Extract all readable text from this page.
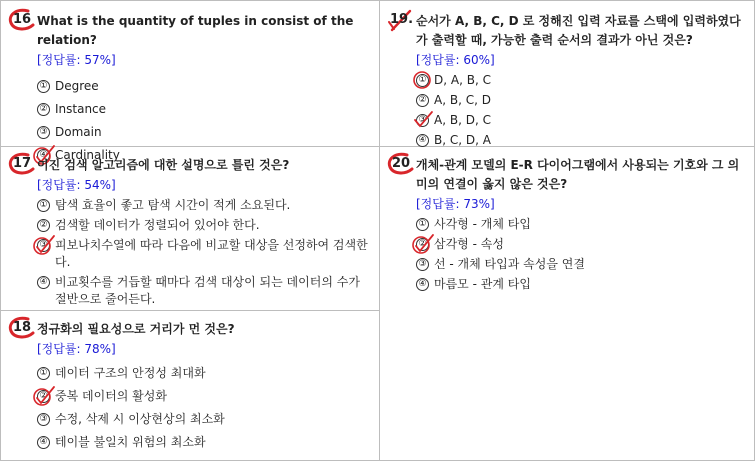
16 What is the quantity of tuples in consist of the relation?
[정답률: 57%]
① Degree
② Instance
③ Domain
④ Cardinality
17 이진 검색 알고리즘에 대한 설명으로 틀린 것은?
[정답률: 54%]
① 탐색 효율이 좋고 탐색 시간이 적게 소요된다.
② 검색할 데이터가 정렬되어 있어야 한다.
③ 피보나치수열에 따라 다음에 비교할 대상을 선정하여 검색한다.
④ 비교횟수를 거듭할 때마다 검색 대상이 되는 데이터의 수가 절반으로 줄어든다.
18 정규화의 필요성으로 거리가 먼 것은?
[정답률: 78%]
① 데이터 구조의 안정성 최대화
② 중복 데이터의 활성화
③ 수정, 삭제 시 이상현상의 최소화
④ 테이블 불일치 위험의 최소화
19. 순서가 A, B, C, D 로 정해진 입력 자료를 스택에 입력하였다가 출력할 때, 가능한 출력 순서의 결과가 아닌 것은?
[정답률: 60%]
① D, A, B, C
② A, B, C, D
③ A, B, D, C
④ B, C, D, A
20 개체-관계 모델의 E-R 다이어그램에서 사용되는 기호와 그 의미의 연결이 옳지 않은 것은?
[정답률: 73%]
① 사각형 - 개체 타입
② 삼각형 - 속성
③ 선 - 개체 타입과 속성을 연결
④ 마름모 - 관계 타입
